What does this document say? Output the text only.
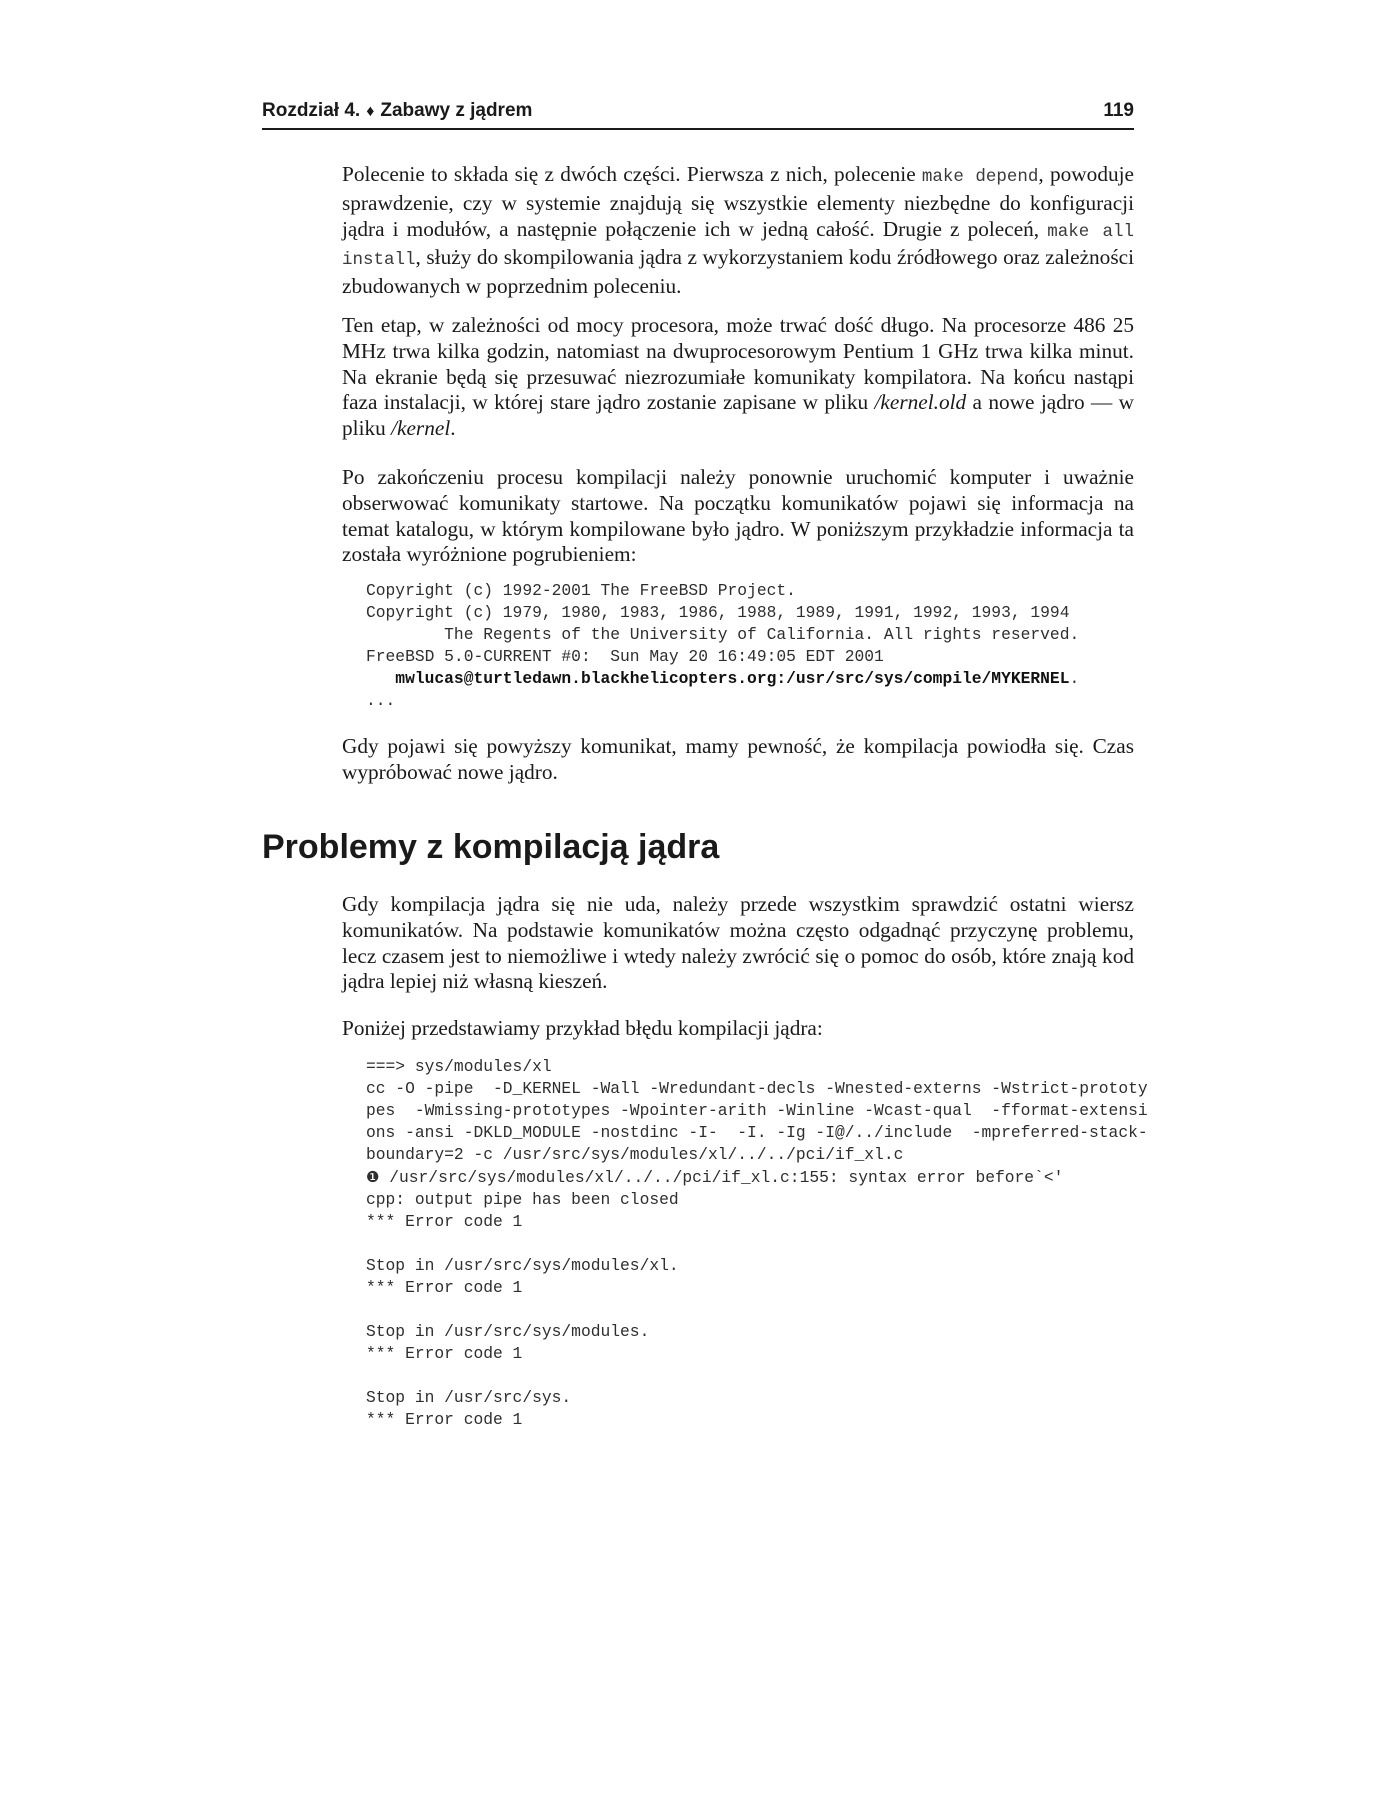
Rozdział 4. ♦ Zabawy z jądrem	119

Polecenie to składa się z dwóch części. Pierwsza z nich, polecenie make depend, powoduje sprawdzenie, czy w systemie znajdują się wszystkie elementy niezbędne do konfiguracji jądra i modułów, a następnie połączenie ich w jedną całość. Drugie z poleceń, make all install, służy do skompilowania jądra z wykorzystaniem kodu źródłowego oraz zależności zbudowanych w poprzednim poleceniu.

Ten etap, w zależności od mocy procesora, może trwać dość długo. Na procesorze 486 25 MHz trwa kilka godzin, natomiast na dwuprocesorowym Pentium 1 GHz trwa kilka minut. Na ekranie będą się przesuwać niezrozumiałe komunikaty kompilatora. Na końcu nastąpi faza instalacji, w której stare jądro zostanie zapisane w pliku /kernel.old a nowe jądro — w pliku /kernel.

Po zakończeniu procesu kompilacji należy ponownie uruchomić komputer i uważnie obserwować komunikaty startowe. Na początku komunikatów pojawi się informacja na temat katalogu, w którym kompilowane było jądro. W poniższym przykładzie informacja ta została wyróżnione pogrubieniem:

Copyright (c) 1992-2001 The FreeBSD Project.
Copyright (c) 1979, 1980, 1983, 1986, 1988, 1989, 1991, 1992, 1993, 1994
The Regents of the University of California. All rights reserved.
FreeBSD 5.0-CURRENT #0:  Sun May 20 16:49:05 EDT 2001
mwlucas@turtledawn.blackhelicopters.org:/usr/src/sys/compile/MYKERNEL.
...

Gdy pojawi się powyższy komunikat, mamy pewność, że kompilacja powiodła się. Czas wypróbować nowe jądro.

Problemy z kompilacją jądra

Gdy kompilacja jądra się nie uda, należy przede wszystkim sprawdzić ostatni wiersz komunikatów. Na podstawie komunikatów można często odgadnąć przyczynę problemu, lecz czasem jest to niemożliwe i wtedy należy zwrócić się o pomoc do osób, które znają kod jądra lepiej niż własną kieszeń.

Poniżej przedstawiamy przykład błędu kompilacji jądra:

===> sys/modules/xl
cc -O -pipe  -D_KERNEL -Wall -Wredundant-decls -Wnested-externs -Wstrict-prototy
pes  -Wmissing-prototypes -Wpointer-arith -Winline -Wcast-qual  -fformat-extensi
ons -ansi -DKLD_MODULE -nostdinc -I-  -I. -Ig -I@/../include  -mpreferred-stack-
boundary=2 -c /usr/src/sys/modules/xl/../../pci/if_xl.c
❶ /usr/src/sys/modules/xl/../../pci/if_xl.c:155: syntax error before`<'
cpp: output pipe has been closed
*** Error code 1

Stop in /usr/src/sys/modules/xl.
*** Error code 1

Stop in /usr/src/sys/modules.
*** Error code 1

Stop in /usr/src/sys.
*** Error code 1
